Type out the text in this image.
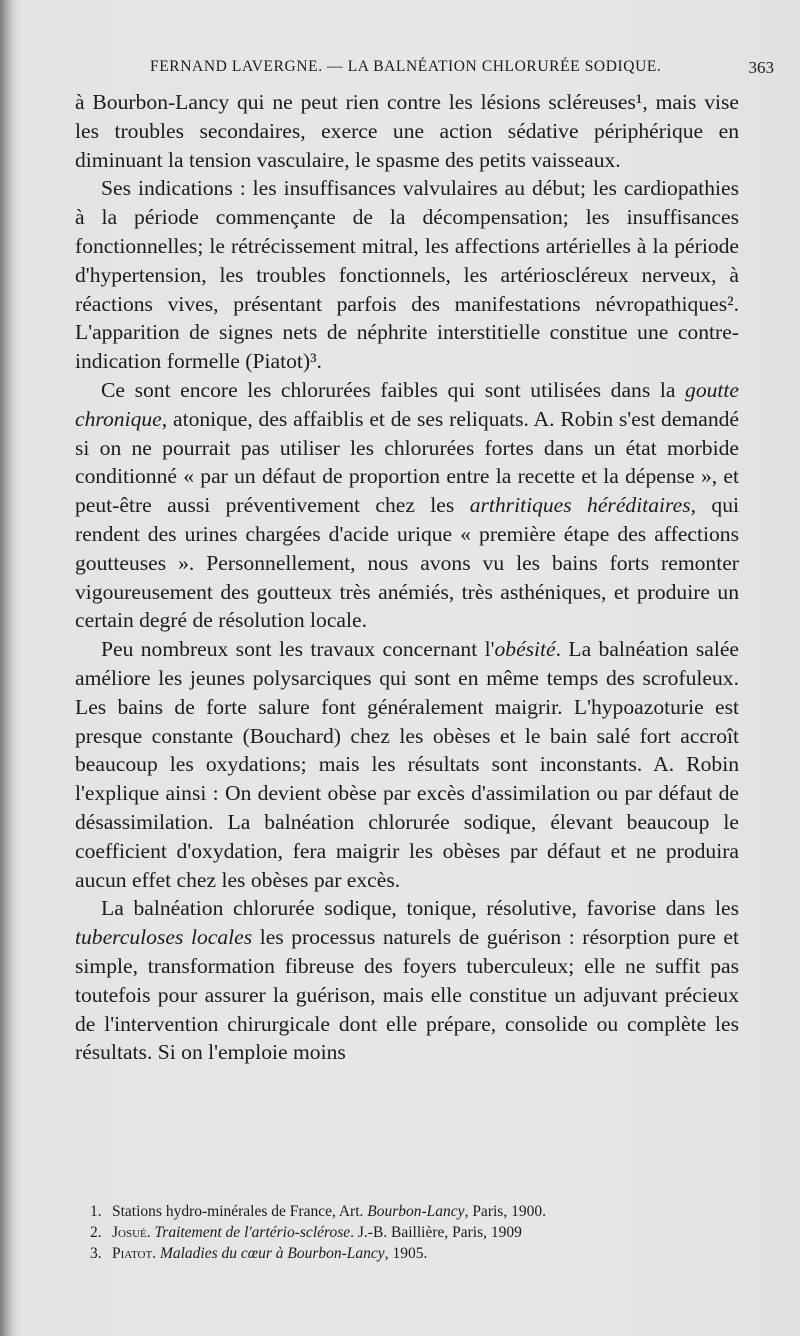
FERNAND LAVERGNE. — LA BALNÉATION CHLORURÉE SODIQUE.	363

à Bourbon-Lancy qui ne peut rien contre les lésions scléreuses¹, mais vise les troubles secondaires, exerce une action sédative périphérique en diminuant la tension vasculaire, le spasme des petits vaisseaux.

Ses indications : les insuffisances valvulaires au début; les cardiopathies à la période commençante de la décompensation; les insuffisances fonctionnelles; le rétrécissement mitral, les affections artérielles à la période d'hypertension, les troubles fonctionnels, les artérioscléreux nerveux, à réactions vives, présentant parfois des manifestations névropathiques². L'apparition de signes nets de néphrite interstitielle constitue une contre-indication formelle (Piatot)³.

Ce sont encore les chlorurées faibles qui sont utilisées dans la goutte chronique, atonique, des affaiblis et de ses reliquats. A. Robin s'est demandé si on ne pourrait pas utiliser les chlorurées fortes dans un état morbide conditionné « par un défaut de proportion entre la recette et la dépense », et peut-être aussi préventivement chez les arthritiques héréditaires, qui rendent des urines chargées d'acide urique « première étape des affections goutteuses ». Personnellement, nous avons vu les bains forts remonter vigoureusement des goutteux très anémiés, très asthéniques, et produire un certain degré de résolution locale.

Peu nombreux sont les travaux concernant l'obésité. La balnéation salée améliore les jeunes polysarciques qui sont en même temps des scrofuleux. Les bains de forte salure font généralement maigrir. L'hypoazoturie est presque constante (Bouchard) chez les obèses et le bain salé fort accroît beaucoup les oxydations; mais les résultats sont inconstants. A. Robin l'explique ainsi : On devient obèse par excès d'assimilation ou par défaut de désassimilation. La balnéation chlorurée sodique, élevant beaucoup le coefficient d'oxydation, fera maigrir les obèses par défaut et ne produira aucun effet chez les obèses par excès.

La balnéation chlorurée sodique, tonique, résolutive, favorise dans les tuberculoses locales les processus naturels de guérison : résorption pure et simple, transformation fibreuse des foyers tuberculeux; elle ne suffit pas toutefois pour assurer la guérison, mais elle constitue un adjuvant précieux de l'intervention chirurgicale dont elle prépare, consolide ou complète les résultats. Si on l'emploie moins

1. Stations hydro-minérales de France, Art. Bourbon-Lancy, Paris, 1900.
2. Josué. Traitement de l'artério-sclérose. J.-B. Baillière, Paris, 1909
3. Piatot. Maladies du cœur à Bourbon-Lancy, 1905.
